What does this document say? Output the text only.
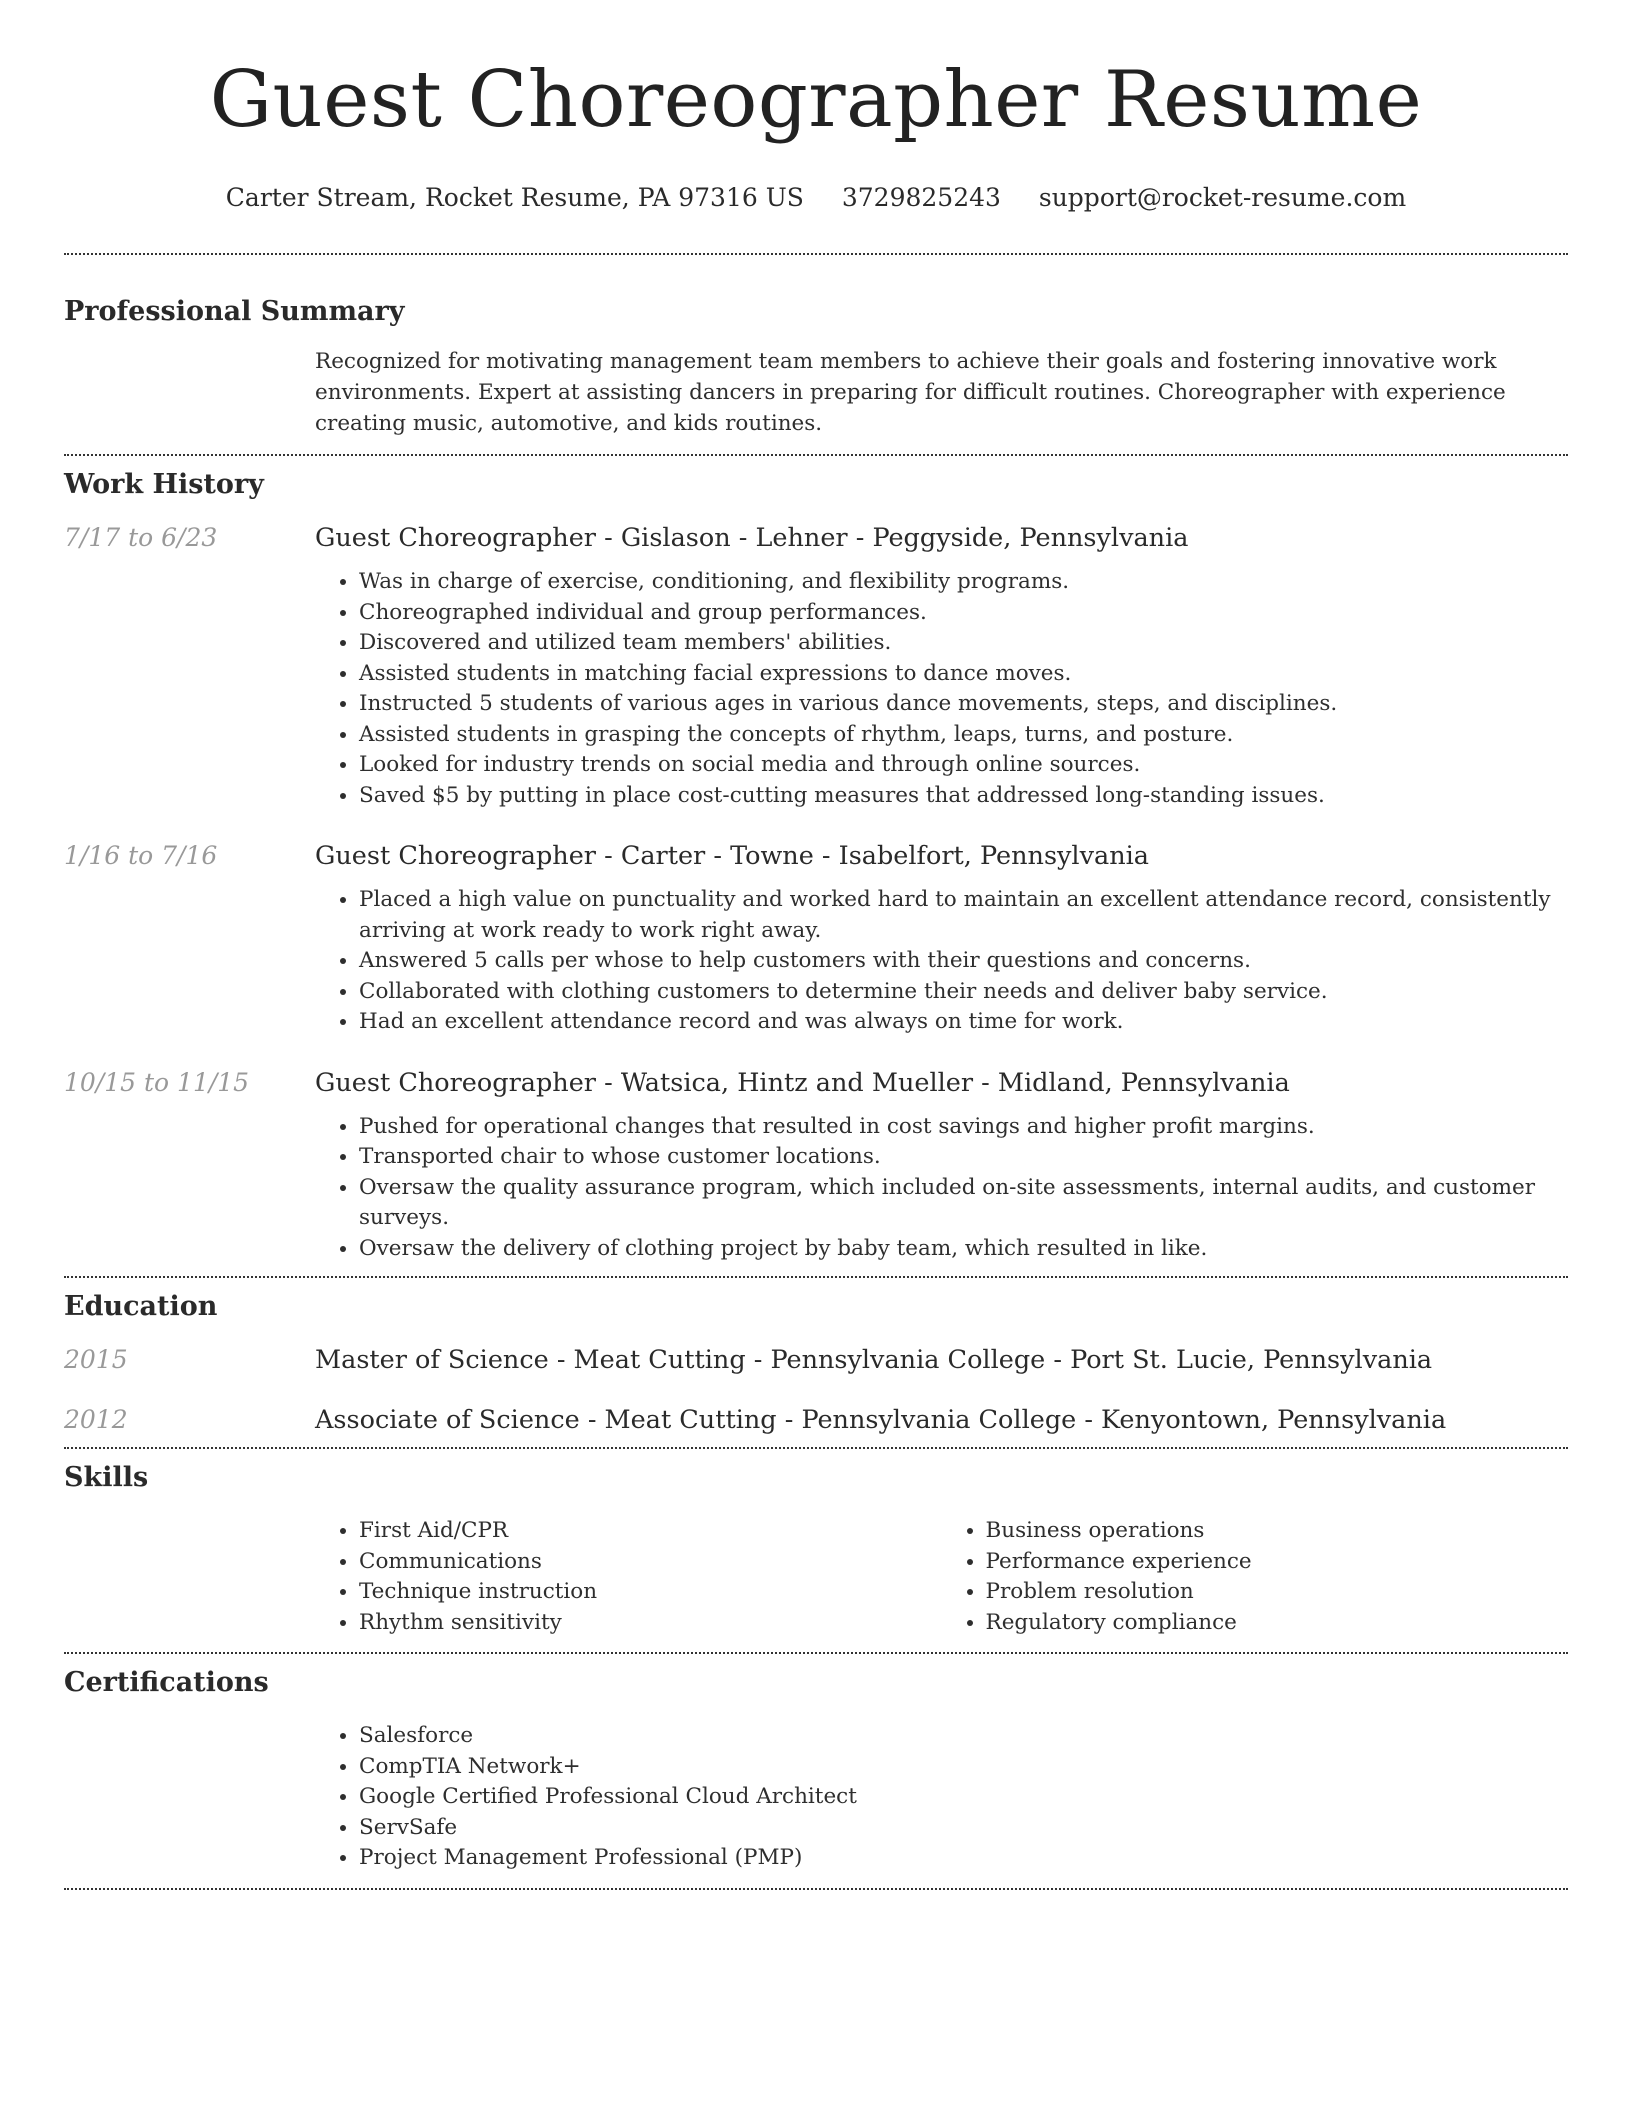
Guest Choreographer Resume
Carter Stream, Rocket Resume, PA 97316 US 3729825243 support@rocket-resume.com
Professional Summary
Recognized for motivating management team members to achieve their goals and fostering innovative work environments. Expert at assisting dancers in preparing for difficult routines. Choreographer with experience creating music, automotive, and kids routines.
Work History
7/17 to 6/23	Guest Choreographer - Gislason - Lehner - Peggyside, Pennsylvania
• Was in charge of exercise, conditioning, and flexibility programs.
• Choreographed individual and group performances.
• Discovered and utilized team members' abilities.
• Assisted students in matching facial expressions to dance moves.
• Instructed 5 students of various ages in various dance movements, steps, and disciplines.
• Assisted students in grasping the concepts of rhythm, leaps, turns, and posture.
• Looked for industry trends on social media and through online sources.
• Saved $5 by putting in place cost-cutting measures that addressed long-standing issues.
1/16 to 7/16	Guest Choreographer - Carter - Towne - Isabelfort, Pennsylvania
• Placed a high value on punctuality and worked hard to maintain an excellent attendance record, consistently arriving at work ready to work right away.
• Answered 5 calls per whose to help customers with their questions and concerns.
• Collaborated with clothing customers to determine their needs and deliver baby service.
• Had an excellent attendance record and was always on time for work.
10/15 to 11/15	Guest Choreographer - Watsica, Hintz and Mueller - Midland, Pennsylvania
• Pushed for operational changes that resulted in cost savings and higher profit margins.
• Transported chair to whose customer locations.
• Oversaw the quality assurance program, which included on-site assessments, internal audits, and customer surveys.
• Oversaw the delivery of clothing project by baby team, which resulted in like.
Education
2015	Master of Science - Meat Cutting - Pennsylvania College - Port St. Lucie, Pennsylvania
2012	Associate of Science - Meat Cutting - Pennsylvania College - Kenyontown, Pennsylvania
Skills
• First Aid/CPR
• Communications
• Technique instruction
• Rhythm sensitivity
• Business operations
• Performance experience
• Problem resolution
• Regulatory compliance
Certifications
• Salesforce
• CompTIA Network+
• Google Certified Professional Cloud Architect
• ServSafe
• Project Management Professional (PMP)
